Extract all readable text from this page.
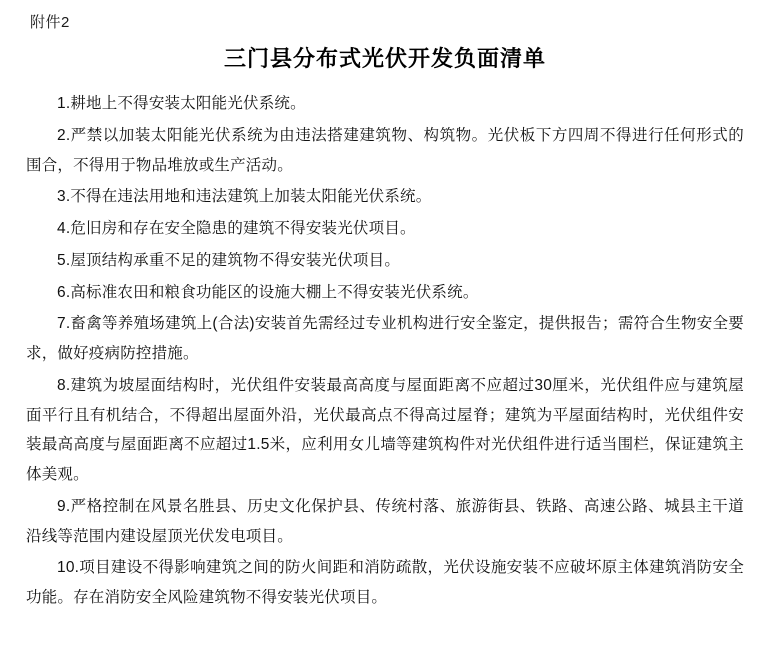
附件2
三门县分布式光伏开发负面清单

1.耕地上不得安装太阳能光伏系统。

2.严禁以加装太阳能光伏系统为由违法搭建建筑物、构筑物。光伏板下方四周不得进行任何形式的围合，不得用于物品堆放或生产活动。

3.不得在违法用地和违法建筑上加装太阳能光伏系统。

4.危旧房和存在安全隐患的建筑不得安装光伏项目。

5.屋顶结构承重不足的建筑物不得安装光伏项目。

6.高标准农田和粮食功能区的设施大棚上不得安装光伏系统。

7.畜禽等养殖场建筑上(合法)安装首先需经过专业机构进行安全鉴定，提供报告；需符合生物安全要求，做好疫病防控措施。

8.建筑为坡屋面结构时，光伏组件安装最高高度与屋面距离不应超过30厘米，光伏组件应与建筑屋面平行且有机结合，不得超出屋面外沿，光伏最高点不得高过屋脊；建筑为平屋面结构时，光伏组件安装最高高度与屋面距离不应超过1.5米，应利用女儿墙等建筑构件对光伏组件进行适当围栏，保证建筑主体美观。

9.严格控制在风景名胜县、历史文化保护县、传统村落、旅游街县、铁路、高速公路、城县主干道沿线等范围内建设屋顶光伏发电项目。

10.项目建设不得影响建筑之间的防火间距和消防疏散，光伏设施安装不应破坏原主体建筑消防安全功能。存在消防安全风险建筑物不得安装光伏项目。
